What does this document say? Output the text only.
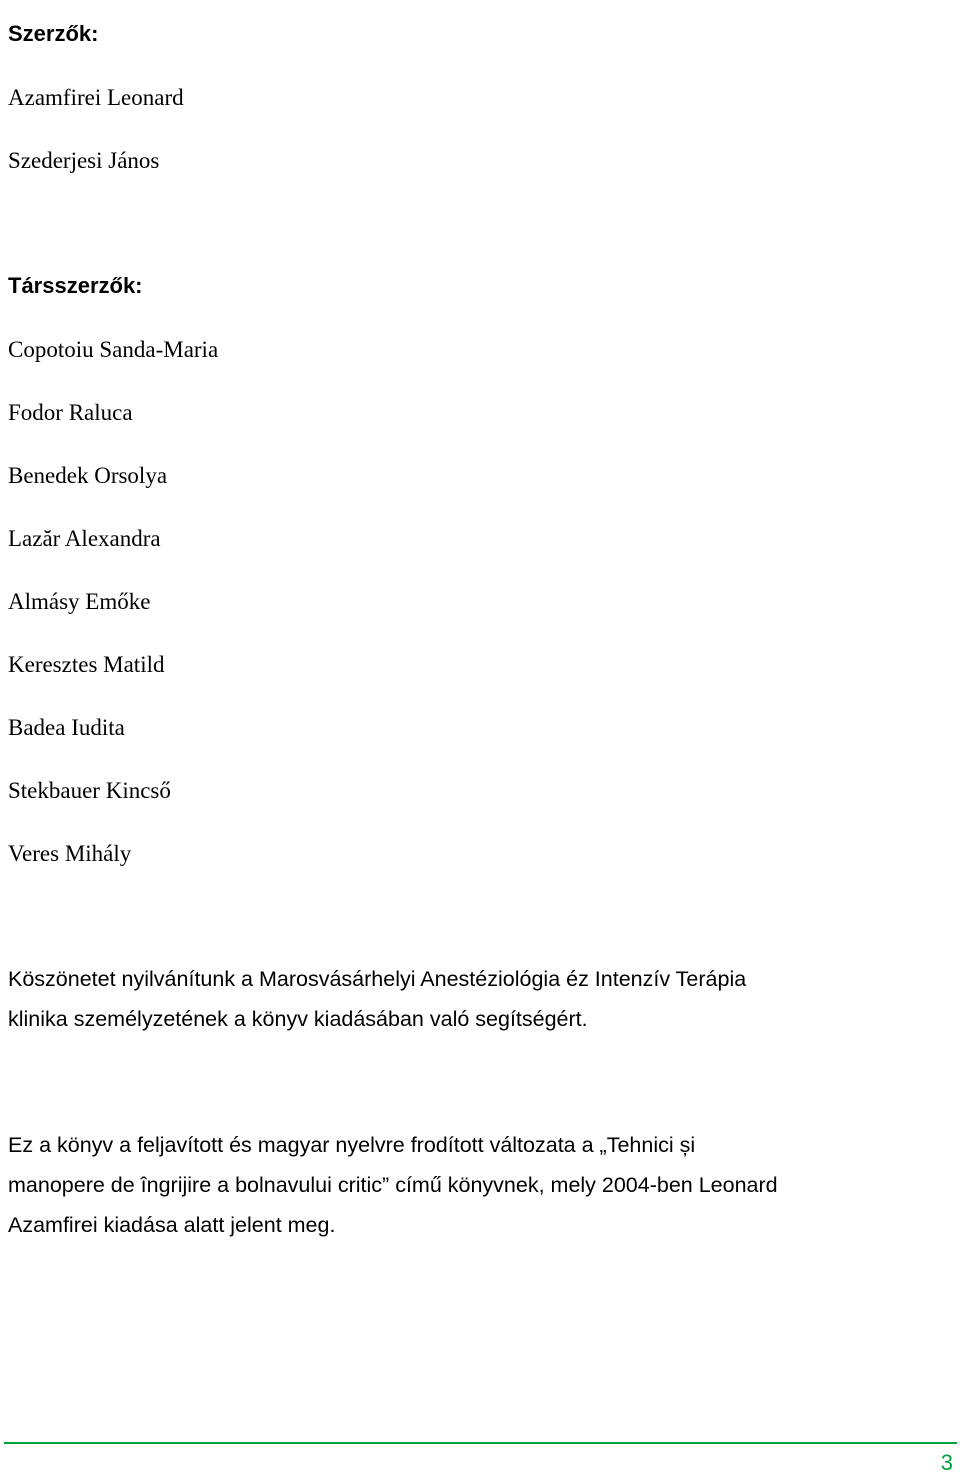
Szerzők:

Azamfirei Leonard

Szederjesi János

Társszerzők:

Copotoiu Sanda-Maria

Fodor Raluca

Benedek Orsolya

Lazăr Alexandra

Almásy Emőke

Keresztes Matild

Badea Iudita

Stekbauer Kincső

Veres Mihály

Köszönetet nyilvánítunk a Marosvásárhelyi Anestéziológia éz Intenzív Terápia
klinika személyzetének a könyv kiadásában való segítségért.

Ez a könyv a feljavított és magyar nyelvre frodított változata a „Tehnici și
manopere de îngrijire a bolnavului critic” című könyvnek, mely 2004-ben Leonard
Azamfirei kiadása alatt jelent meg.

3
